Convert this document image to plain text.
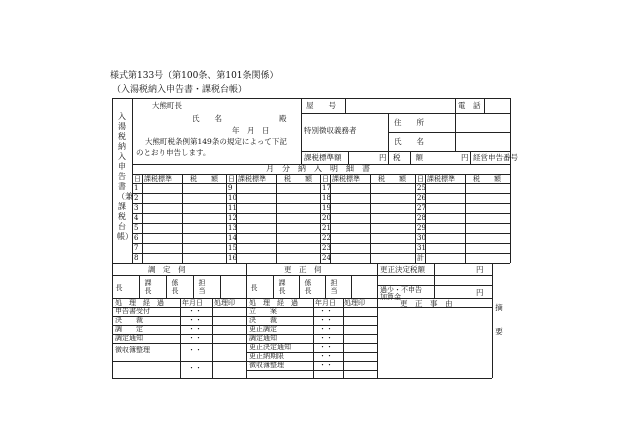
様式第133号（第100条、第101条関係）
（入湯税納入申告書・課税台帳）
入湯税納入申告書（兼課税台帳）
大熊町長
氏　　名	殿
年　月　日
大熊町税条例第149条の規定によって下記
のとおり申告します。
屋　　号	電　話
特別徴収義務者
住　　所
氏　　名
課税標準額	円 税　　額	円 経営申告番号
月　分　納　入　明　細　書
日 課税標準	税　　額
1
2
3
4
5
6
7
8
日 課税標準	税　　額
9
10
11
12
13
14
15
16
日 課税標準	税　　額
17
18
19
20
21
22
23
24
日 課税標準	税　　額
25
26
27
28
29
30
31
計
調　定　伺	更　正　伺	更正決定税額	円
過少・不申告
加算金	円
摘　　要
長
課長
係長
担当	長
課長
係長
担当
処　理　経　過	年月日 処理印 処　理　経　過 年月日 処理印	更　正　事　由
申告書受付	・・
決　　裁	・・
調　　定	・・
調定通知	・・
徴収簿整理	・・
・・
立　　案	・・
決　　裁	・・
更正調定	・・
調定通知	・・
更正決定通知	・・
更正納期限	・・
徴収簿整理	・・
